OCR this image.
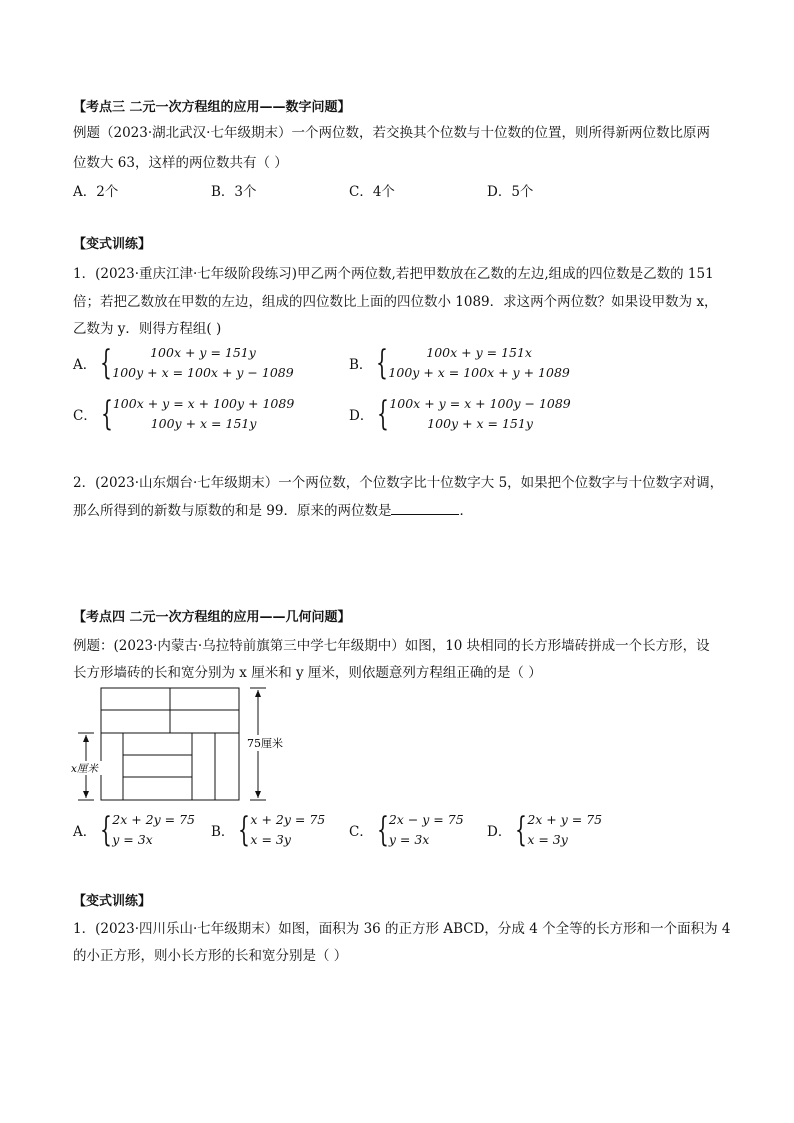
【考点三 二元一次方程组的应用——数字问题】
例题（2023·湖北武汉·七年级期末）一个两位数，若交换其个位数与十位数的位置，则所得新两位数比原两
位数大 63，这样的两位数共有（ ）
A．2个	B．3个	C．4个	D．5个
【变式训练】
1．(2023·重庆江津·七年级阶段练习)甲乙两个两位数,若把甲数放在乙数的左边,组成的四位数是乙数的 151
倍；若把乙数放在甲数的左边，组成的四位数比上面的四位数小 1089．求这两个两位数？如果设甲数为 x，
乙数为 y．则得方程组( )
A． {	100x + y = 151y
100y + x = 100x + y − 1089	B． {	100x + y = 151x
100y + x = 100x + y + 1089
C． { 100x + y = x + 100y + 1089
100y + x = 151y	D． { 100x + y = x + 100y − 1089
100y + x = 151y
2．(2023·山东烟台·七年级期末）一个两位数，个位数字比十位数字大 5，如果把个位数字与十位数字对调，
那么所得到的新数与原数的和是 99．原来的两位数是	．
【考点四 二元一次方程组的应用——几何问题】
例题：(2023·内蒙古·乌拉特前旗第三中学七年级期中）如图，10 块相同的长方形墙砖拼成一个长方形，设
长方形墙砖的长和宽分别为 x 厘米和 y 厘米，则依题意列方程组正确的是（ ）
75厘米
x厘米
A． { 2x + 2y = 75
y = 3x	B． { x + 2y = 75
x = 3y	C． { 2x − y = 75
y = 3x	D． { 2x + y = 75
x = 3y
【变式训练】
1．(2023·四川乐山·七年级期末）如图，面积为 36 的正方形 ABCD，分成 4 个全等的长方形和一个面积为 4
的小正方形，则小长方形的长和宽分别是（ ）
